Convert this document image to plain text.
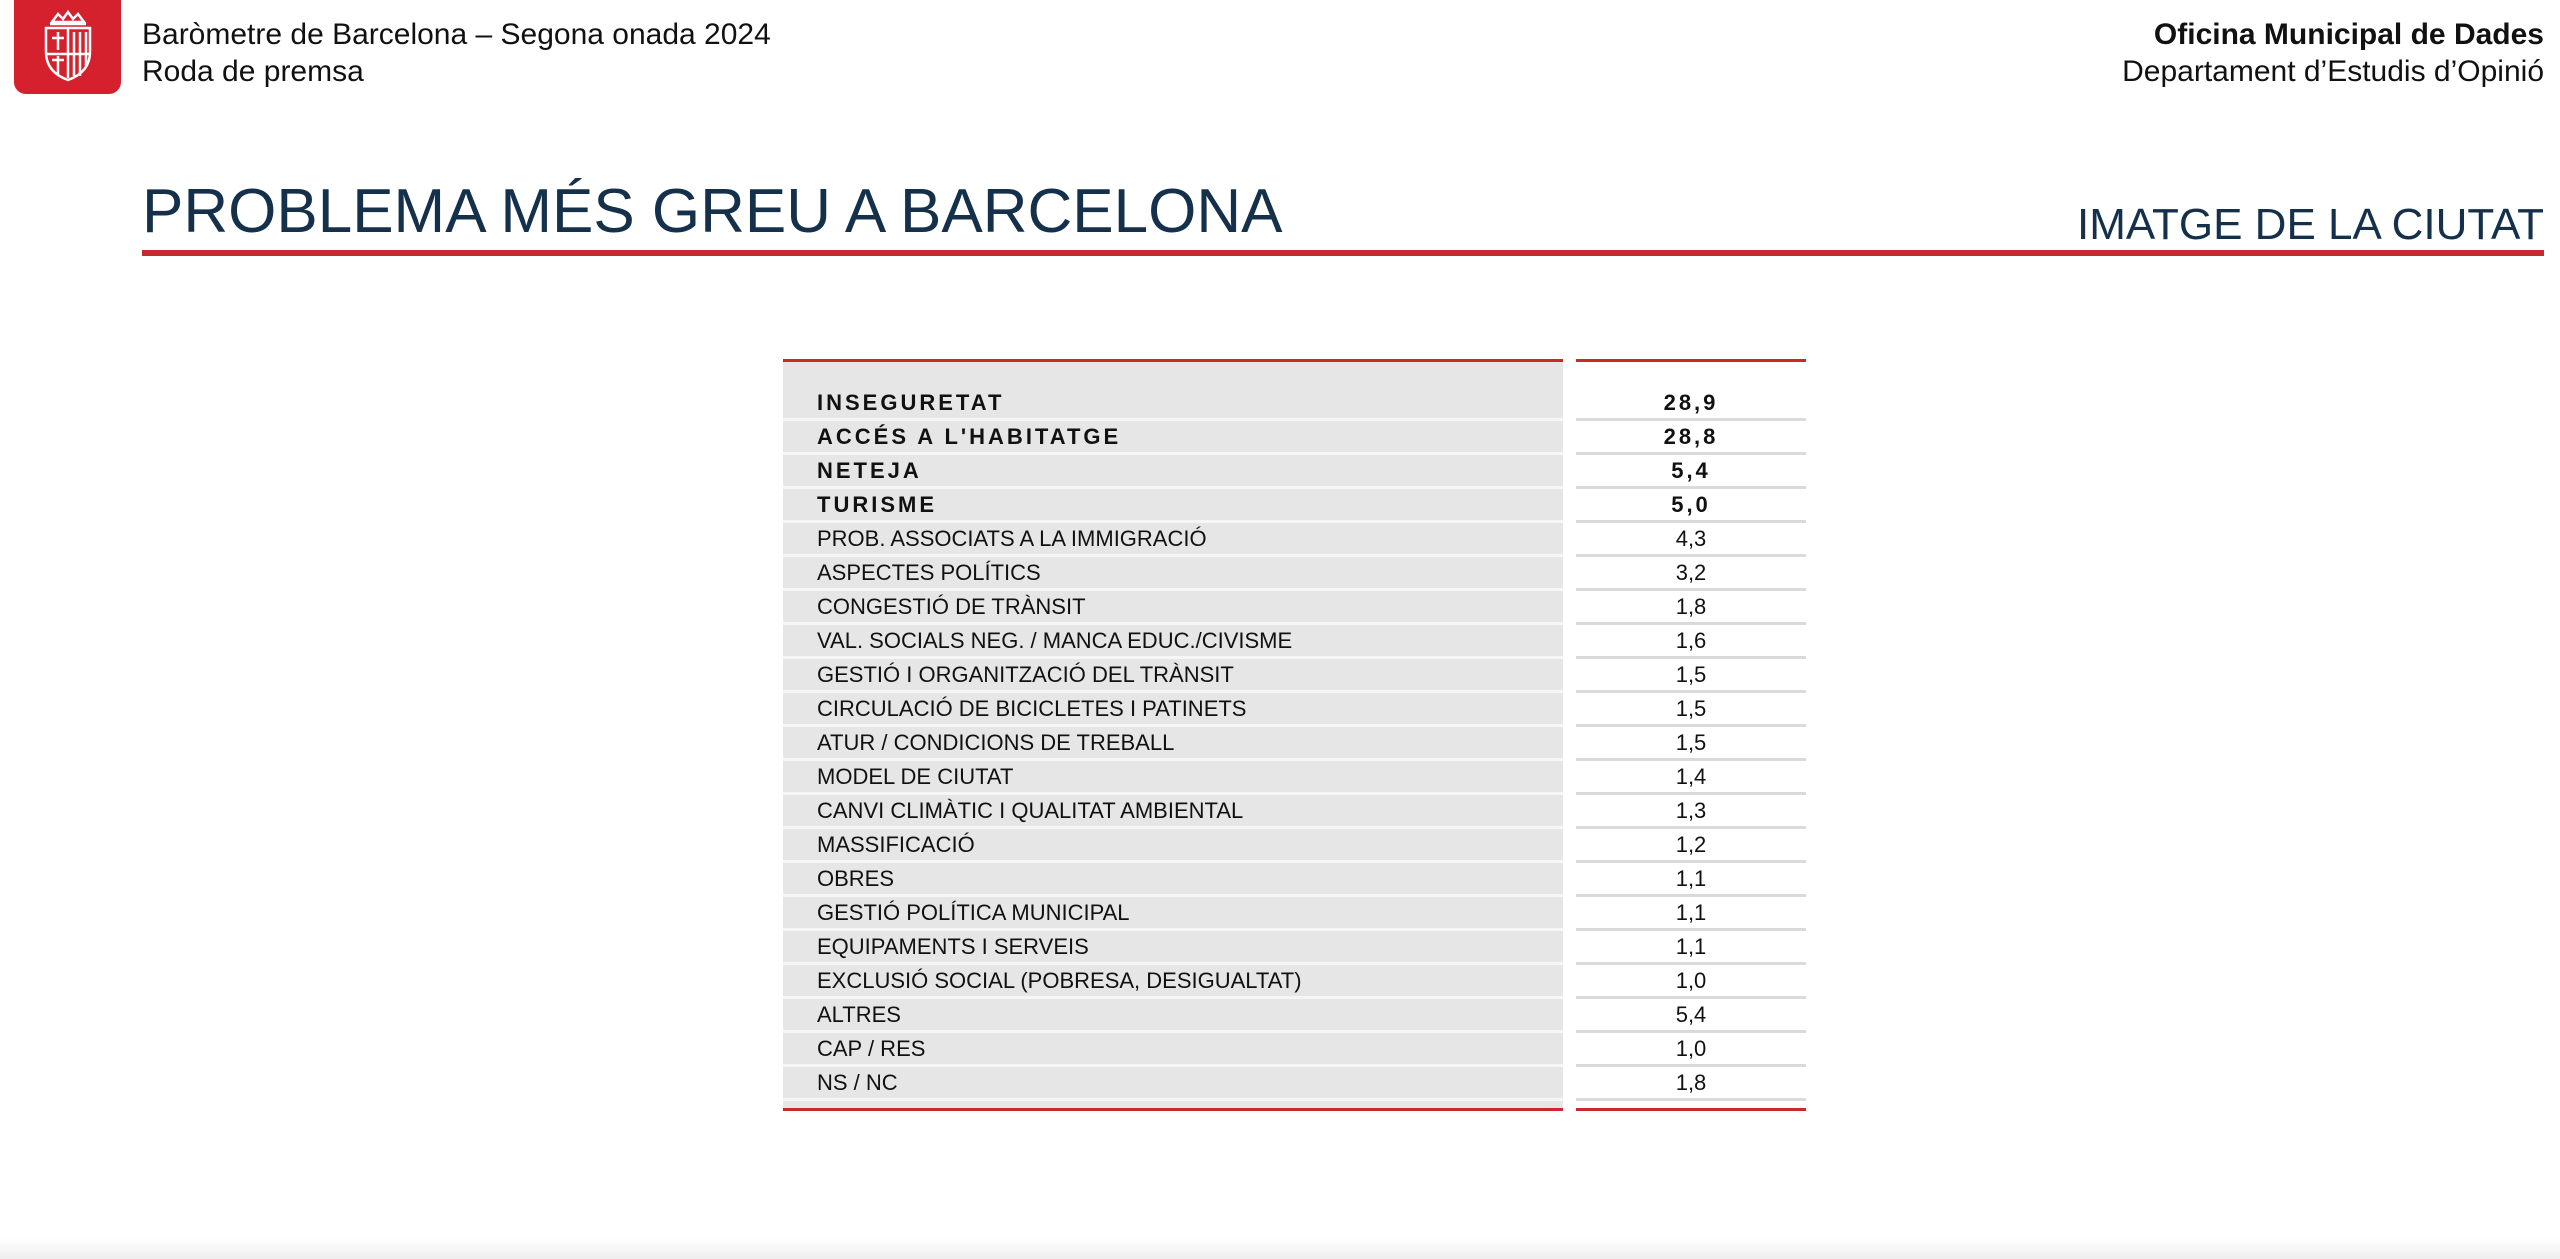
Baròmetre de Barcelona – Segona onada 2024
Roda de premsa
Oficina Municipal de Dades
Departament d’Estudis d’Opinió
PROBLEMA MÉS GREU A BARCELONA	IMATGE DE LA CIUTAT
INSEGURETAT	28,9
ACCÉS A L'HABITATGE	28,8
NETEJA	5,4
TURISME	5,0
PROB. ASSOCIATS A LA IMMIGRACIÓ	4,3
ASPECTES POLÍTICS	3,2
CONGESTIÓ DE TRÀNSIT	1,8
VAL. SOCIALS NEG. / MANCA EDUC./CIVISME	1,6
GESTIÓ I ORGANITZACIÓ DEL TRÀNSIT	1,5
CIRCULACIÓ DE BICICLETES I PATINETS	1,5
ATUR / CONDICIONS DE TREBALL	1,5
MODEL DE CIUTAT	1,4
CANVI CLIMÀTIC I QUALITAT AMBIENTAL	1,3
MASSIFICACIÓ	1,2
OBRES	1,1
GESTIÓ POLÍTICA MUNICIPAL	1,1
EQUIPAMENTS I SERVEIS	1,1
EXCLUSIÓ SOCIAL (POBRESA, DESIGUALTAT)	1,0
ALTRES	5,4
CAP / RES	1,0
NS / NC	1,8
